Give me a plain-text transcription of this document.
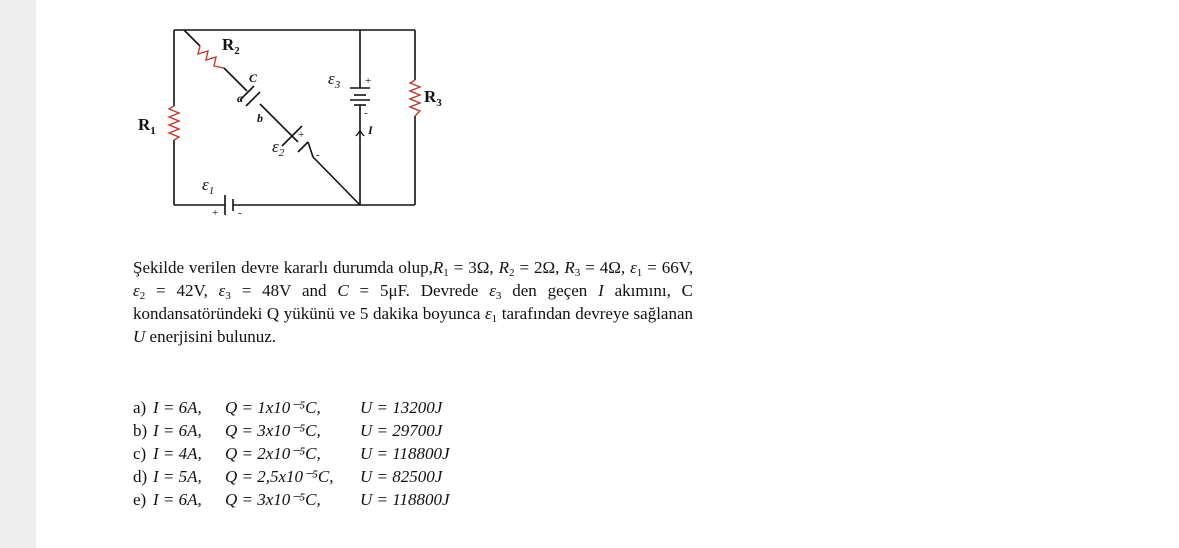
$R_1$
$R_2$
$R_3$
C
a
b
I
$\varepsilon_1$
$\varepsilon_2$
$\varepsilon_3$ +
-
+
-
+ -
Şekilde verilen devre kararlı durumda $olup,R_1 = 3\Omega$, $R_2 = 2\Omega$, $R_3 = 4\Omega$, $\varepsilon_1 = 66V$, $\varepsilon_2 = 42V$, $\varepsilon_3 = 48V$ and C = 5μF. Devrede $\varepsilon_3$ den geçen I akımını, C kondansatöründeki Q yükünü ve 5 dakika boyunca $\varepsilon_1$ tarafından devreye sağlanan U enerjisini bulunuz.
a) I = 6A,	Q = 1x10⁻⁵C,	U = 13200J
b) I = 6A,	Q = 3x10⁻⁵C,	U = 29700J
c) I = 4A,	Q = 2x10⁻⁵C,	U = 118800J
d) I = 5A,	Q = 2,5x10⁻⁵C,	U = 82500J
e) I = 6A,	Q = 3x10⁻⁵C,	U = 118800J
